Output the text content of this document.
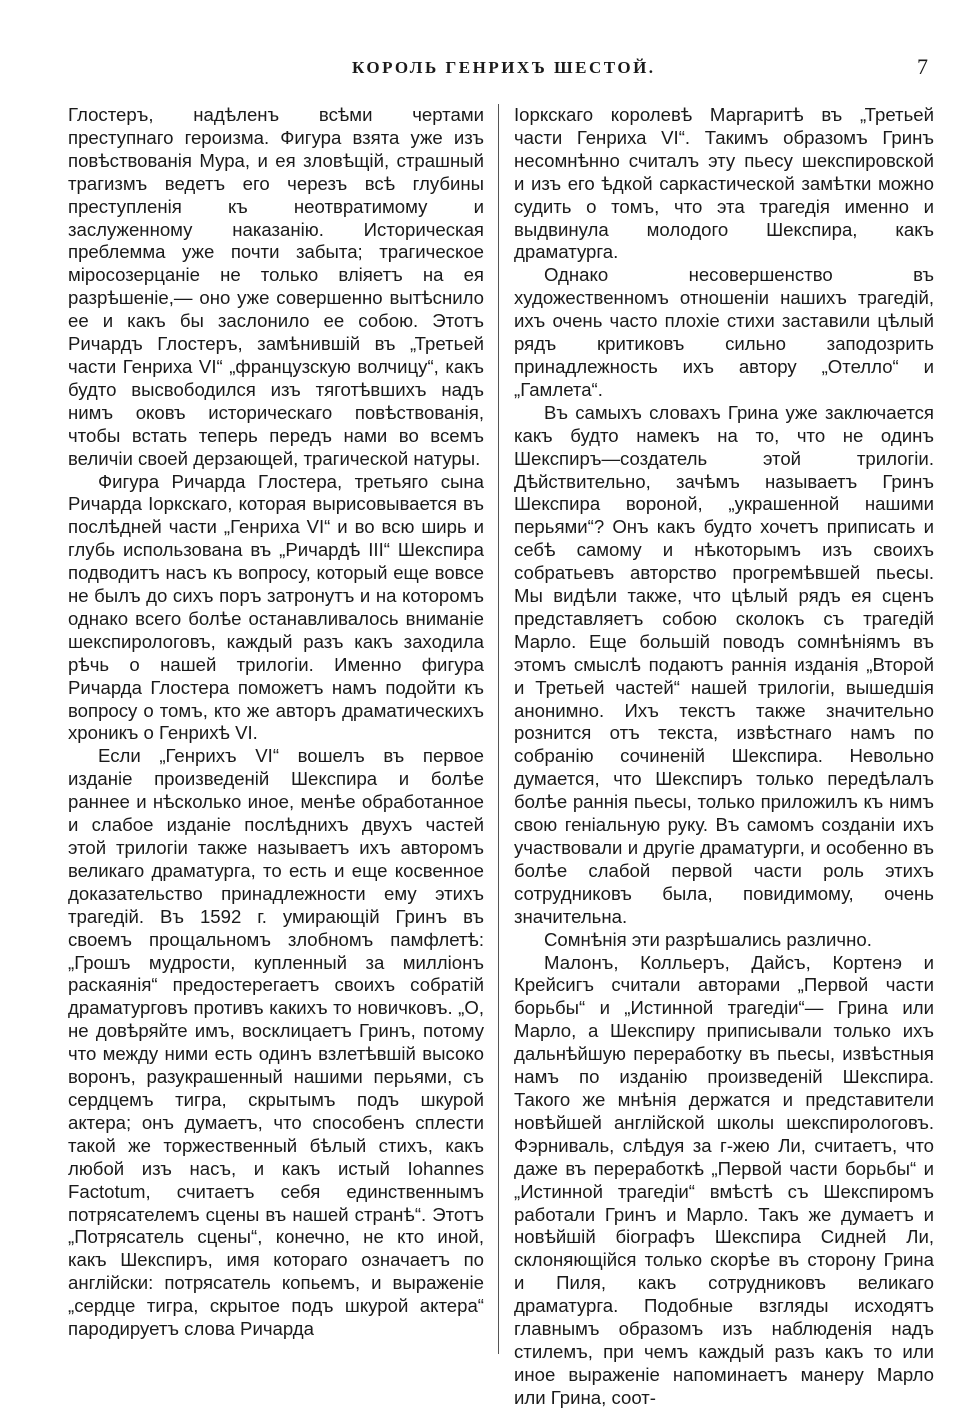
КОРОЛЬ ГЕНРИХЪ ШЕСТОЙ.	7

Глостеръ, надѣленъ всѣми чертами преступнаго героизма. Фигура взята уже изъ повѣствованія Мура, и ея зловѣщій, страшный трагизмъ ведетъ его черезъ всѣ глубины преступленія къ неотвратимому и заслуженному наказанію. Историческая преблемма уже почти забыта; трагическое міросозерцаніе не только вліяетъ на ея разрѣшеніе,— оно уже совершенно вытѣснило ее и какъ бы заслонило ее собою. Этотъ Ричардъ Глостеръ, замѣнившій въ „Третьей части Генриха VI“ „французскую волчицу“, какъ будто высвободился изъ тяготѣвшихъ надъ нимъ оковъ историческаго повѣствованія, чтобы встать теперь передъ нами во всемъ величіи своей дерзающей, трагической натуры.

Фигура Ричарда Глостера, третьяго сына Ричарда Іоркскаго, которая вырисовывается въ послѣдней части „Генриха VI“ и во всю ширь и глубь использована въ „Ричардѣ III“ Шекспира подводитъ насъ къ вопросу, который еще вовсе не былъ до сихъ поръ затронутъ и на которомъ однако всего болѣе останавливалось вниманіе шекспирологовъ, каждый разъ какъ заходила рѣчь о нашей трилогіи. Именно фигура Ричарда Глостера поможетъ намъ подойти къ вопросу о томъ, кто же авторъ драматическихъ хроникъ о Генрихѣ VI.

Если „Генрихъ VI“ вошелъ въ первое изданіе произведеній Шекспира и болѣе раннее и нѣсколько иное, менѣе обработанное и слабое изданіе послѣднихъ двухъ частей этой трилогіи также называетъ ихъ авторомъ великаго драматурга, то есть и еще косвенное доказательство принадлежности ему этихъ трагедій. Въ 1592 г. умирающій Гринъ въ своемъ прощальномъ злобномъ памфлетѣ: „Грошъ мудрости, купленный за милліонъ раскаянія“ предостерегаетъ своихъ собратій драматурговъ противъ какихъ то новичковъ. „О, не довѣряйте имъ, восклицаетъ Гринъ, потому что между ними есть одинъ взлетѣвшій высоко воронъ, разукрашенный нашими перьями, съ сердцемъ тигра, скрытымъ подъ шкурой актера; онъ думаетъ, что способенъ сплести такой же торжественный бѣлый стихъ, какъ любой изъ насъ, и какъ истый Iohannes Factotum, считаетъ себя единственнымъ потрясателемъ сцены въ нашей странѣ“. Этотъ „Потрясатель сцены“, конечно, не кто иной, какъ Шекспиръ, имя котораго означаетъ по англійски: потрясатель копьемъ, и выраженіе „сердце тигра, скрытое подъ шкурой актера“ пародируетъ слова Ричарда

Іоркскаго королевѣ Маргаритѣ въ „Третьей части Генриха VI“. Такимъ образомъ Гринъ несомнѣнно считалъ эту пьесу шекспировской и изъ его ѣдкой саркастической замѣтки можно судить о томъ, что эта трагедія именно и выдвинула молодого Шекспира, какъ драматурга.

Однако несовершенство въ художественномъ отношеніи нашихъ трагедій, ихъ очень часто плохіе стихи заставили цѣлый рядъ критиковъ сильно заподозрить принадлежность ихъ автору „Отелло“ и „Гамлета“.

Въ самыхъ словахъ Грина уже заключается какъ будто намекъ на то, что не одинъ Шекспиръ—создатель этой трилогіи. Дѣйствительно, зачѣмъ называетъ Гринъ Шекспира вороной, „украшенной нашими перьями“? Онъ какъ будто хочетъ приписать и себѣ самому и нѣкоторымъ изъ своихъ собратьевъ авторство прогремѣвшей пьесы. Мы видѣли также, что цѣлый рядъ ея сценъ представляетъ собою сколокъ съ трагедій Марло. Еще большій поводъ сомнѣніямъ въ этомъ смыслѣ подаютъ раннія изданія „Второй и Третьей частей“ нашей трилогіи, вышедшія анонимно. Ихъ текстъ также значительно рознится отъ текста, извѣстнаго намъ по собранію сочиненій Шекспира. Невольно думается, что Шекспиръ только передѣлалъ болѣе раннія пьесы, только приложилъ къ нимъ свою геніальную руку. Въ самомъ созданіи ихъ участвовали и другіе драматурги, и особенно въ болѣе слабой первой части роль этихъ сотрудниковъ была, повидимому, очень значительна.

Сомнѣнія эти разрѣшались различно.

Малонъ, Колльеръ, Дайсъ, Кортенэ и Крейсигъ считали авторами „Первой части борьбы“ и „Истинной трагедіи“— Грина или Марло, а Шекспиру приписывали только ихъ дальнѣйшую переработку въ пьесы, извѣстныя намъ по изданію произведеній Шекспира. Такого же мнѣнія держатся и представители новѣйшей англійской школы шекспирологовъ. Фэрниваль, слѣдуя за г-жею Ли, считаетъ, что даже въ переработкѣ „Первой части борьбы“ и „Истинной трагедіи“ вмѣстѣ съ Шекспиромъ работали Гринъ и Марло. Такъ же думаетъ и новѣйшій біографъ Шекспира Сидней Ли, склоняющійся только скорѣе въ сторону Грина и Пиля, какъ сотрудниковъ великаго драматурга. Подобные взгляды исходятъ главнымъ образомъ изъ наблюденія надъ стилемъ, при чемъ каждый разъ какъ то или иное выраженіе напоминаетъ манеру Марло или Грина, соот-
